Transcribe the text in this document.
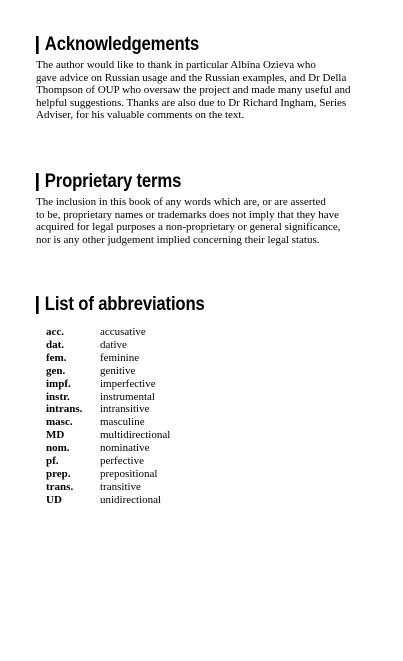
Acknowledgements

The author would like to thank in particular Albina Ozieva who
gave advice on Russian usage and the Russian examples, and Dr Della
Thompson of OUP who oversaw the project and made many useful and
helpful suggestions. Thanks are also due to Dr Richard Ingham, Series
Adviser, for his valuable comments on the text.

Proprietary terms

The inclusion in this book of any words which are, or are asserted
to be, proprietary names or trademarks does not imply that they have
acquired for legal purposes a non-proprietary or general significance,
nor is any other judgement implied concerning their legal status.

List of abbreviations
acc.	accusative
dat.	dative
fem.	feminine
gen.	genitive
impf.	imperfective
instr.	instrumental
intrans.	intransitive
masc.	masculine
MD	multidirectional
nom.	nominative
pf.	perfective
prep.	prepositional
trans.	transitive
UD	unidirectional
